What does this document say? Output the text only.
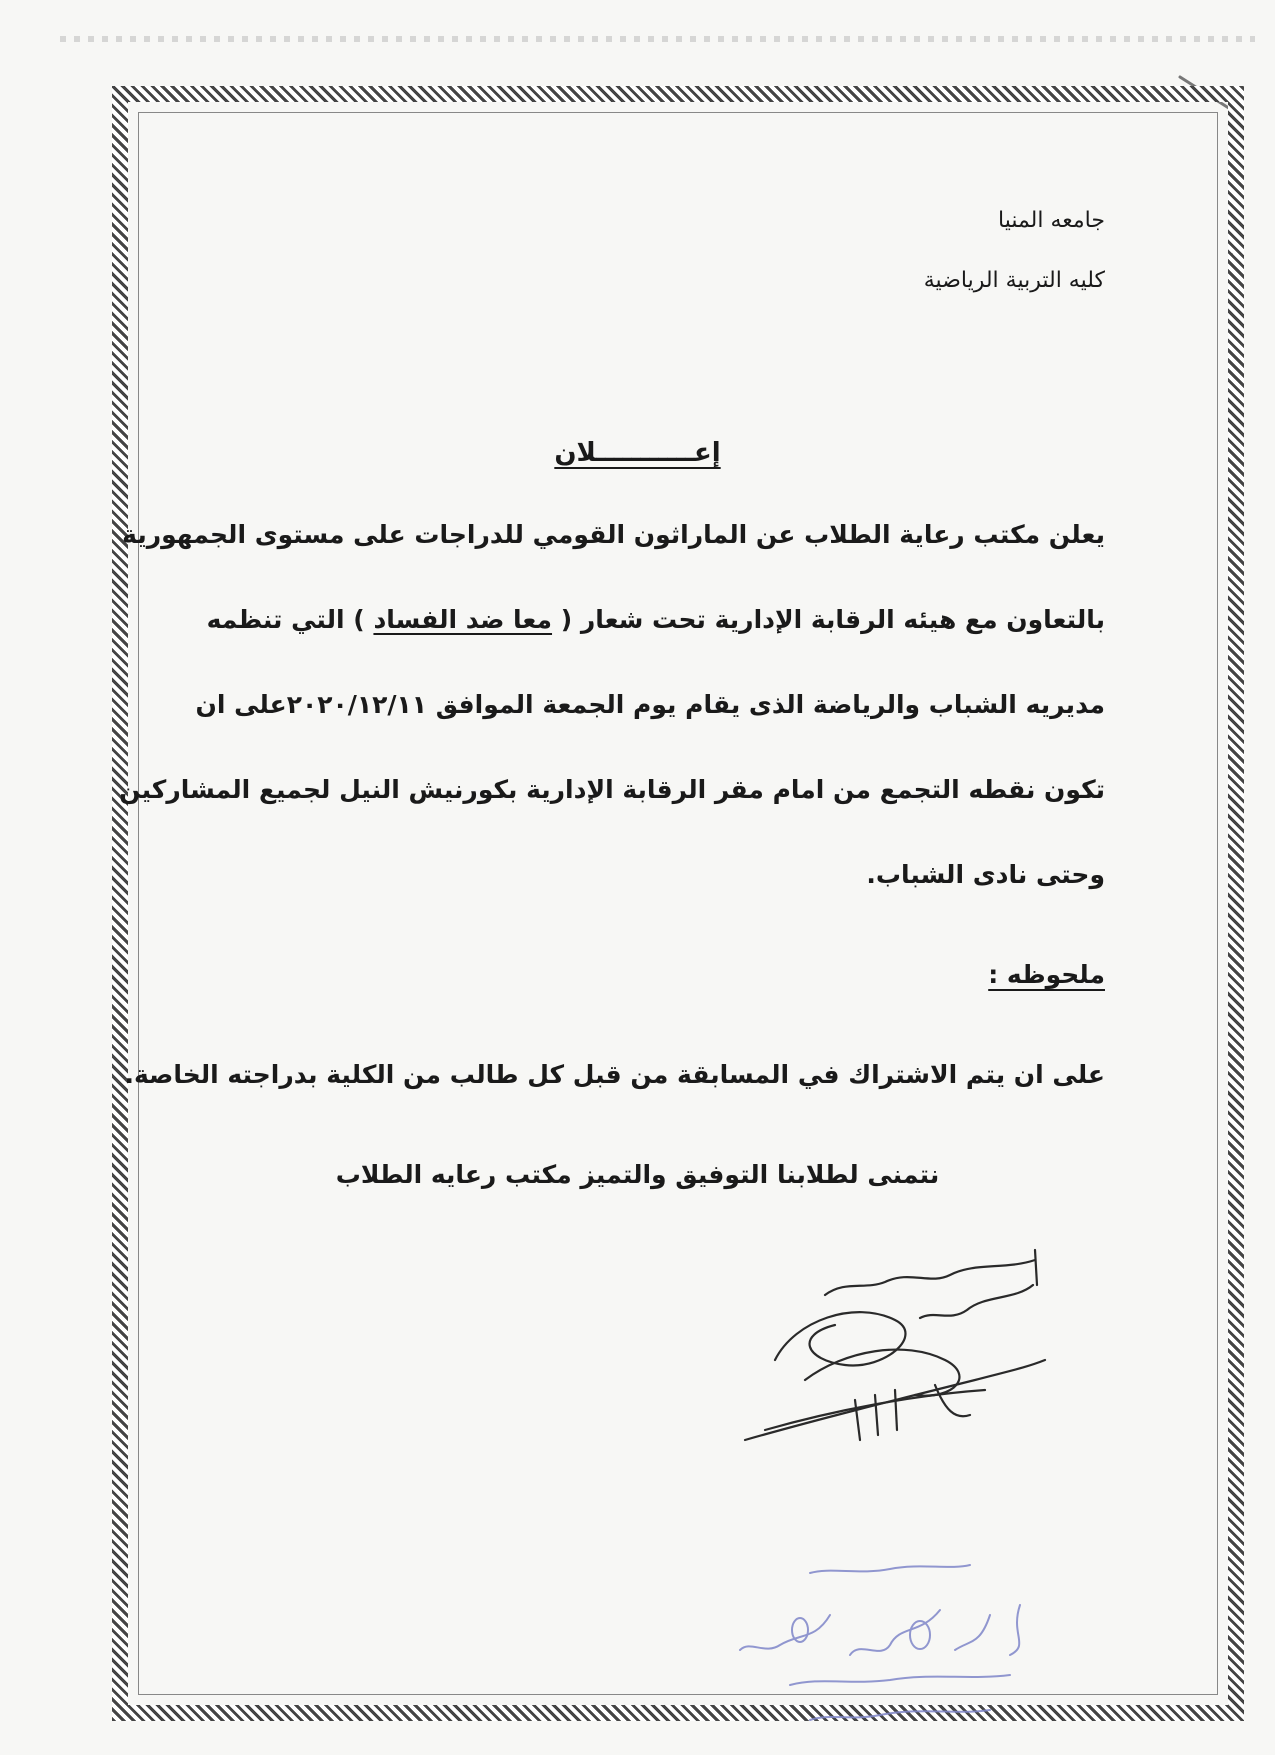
جامعه المنيا
كليه التربية الرياضية
إعـــــــــــلان
يعلن مكتب رعاية الطلاب عن الماراثون القومي للدراجات على مستوى الجمهورية
بالتعاون مع هيئه الرقابة الإدارية تحت شعار ( معا ضد الفساد ) التي تنظمه
مديريه الشباب والرياضة الذى يقام يوم الجمعة الموافق ٢٠٢٠/١٢/١١على ان
تكون نقطه التجمع من امام مقر الرقابة الإدارية بكورنيش النيل لجميع المشاركين
وحتى نادى الشباب.
ملحوظه :
على ان يتم الاشتراك في المسابقة من قبل كل طالب من الكلية بدراجته الخاصة.
نتمنى لطلابنا التوفيق والتميز مكتب رعايه الطلاب
